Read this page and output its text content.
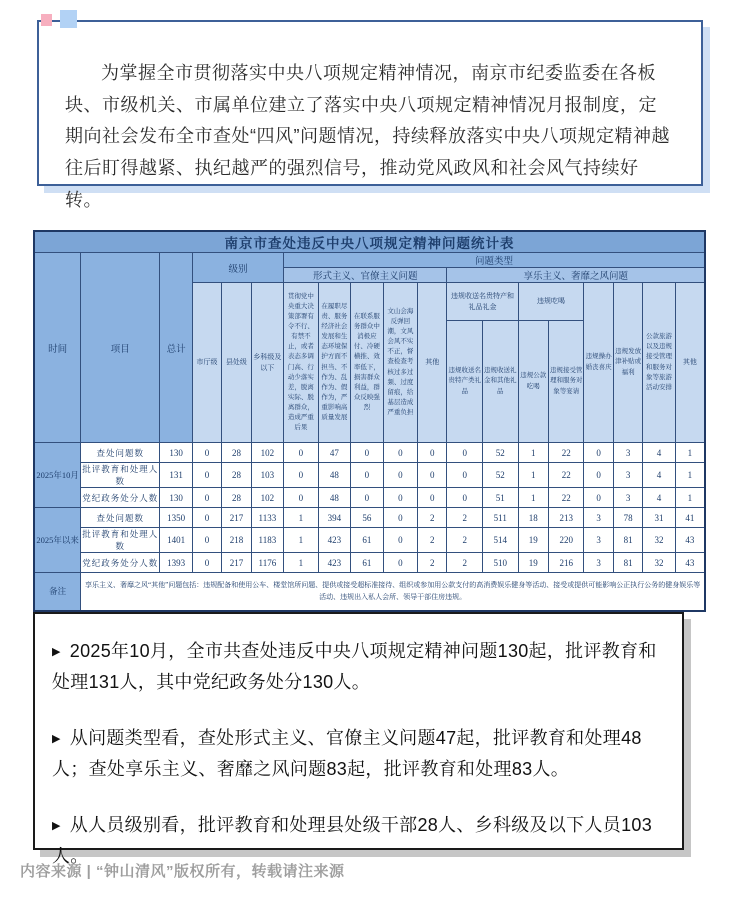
为掌握全市贯彻落实中央八项规定精神情况，南京市纪委监委在各板块、市级机关、市属单位建立了落实中央八项规定精神情况月报制度，定期向社会发布全市查处“四风”问题情况，持续释放落实中央八项规定精神越往后盯得越紧、执纪越严的强烈信号，推动党风政风和社会风气持续好转。

南京市查处违反中央八项规定精神问题统计表																		
时间	项目	总计	级别			问题类型												
						形式主义、官僚主义问题					享乐主义、奢靡之风问题							
			市厅级	县处级	乡科级及以下	贯彻党中央重大决策部署有令不行、有禁不止，或者表态多调门高、行动少落实差，脱离实际、脱离群众，造成严重后果	在履职尽责、服务经济社会发展和生态环境保护方面不担当、不作为、乱作为、假作为，严重影响高质量发展	在联系服务群众中消极应付、冷硬横推、效率低下，损害群众利益，群众反映强烈	文山会海反弹回潮，文风会风不实不正，督查检查考核过多过频、过度留痕，给基层造成严重负担	其他	违规收送名贵特产和礼品礼金		违规吃喝		违规操办婚丧喜庆	违规发放津补贴或福利	公款旅游以及违规接受管理和服务对象等旅游活动安排	其他
											违规收送名贵特产类礼品	违规收送礼金和其他礼品	违规公款吃喝	违规接受管理和服务对象等宴请				
2025年10月	查处问题数	130	0	28	102	0	47	0	0	0	0	52	1	22	0	3	4	1
	批评教育和处理人数	131	0	28	103	0	48	0	0	0	0	52	1	22	0	3	4	1
	党纪政务处分人数	130	0	28	102	0	48	0	0	0	0	51	1	22	0	3	4	1
2025年以来	查处问题数	1350	0	217	1133	1	394	56	0	2	2	511	18	213	3	78	31	41
	批评教育和处理人数	1401	0	218	1183	1	423	61	0	2	2	514	19	220	3	81	32	43
	党纪政务处分人数	1393	0	217	1176	1	423	61	0	2	2	510	19	216	3	81	32	43
备注	享乐主义、奢靡之风“其他”问题包括：违规配备和使用公车、楼堂馆所问题、提供或接受超标准接待、组织或参加用公款支付的高消费娱乐健身等活动、接受或提供可能影响公正执行公务的健身娱乐等活动、违规出入私人会所、领导干部住房违规。																	

▶ 2025年10月，全市共查处违反中央八项规定精神问题130起，批评教育和处理131人，其中党纪政务处分130人。

▶ 从问题类型看，查处形式主义、官僚主义问题47起，批评教育和处理48人；查处享乐主义、奢靡之风问题83起，批评教育和处理83人。

▶ 从人员级别看，批评教育和处理县处级干部28人、乡科级及以下人员103人。

内容来源 | “钟山清风”版权所有，转载请注来源
